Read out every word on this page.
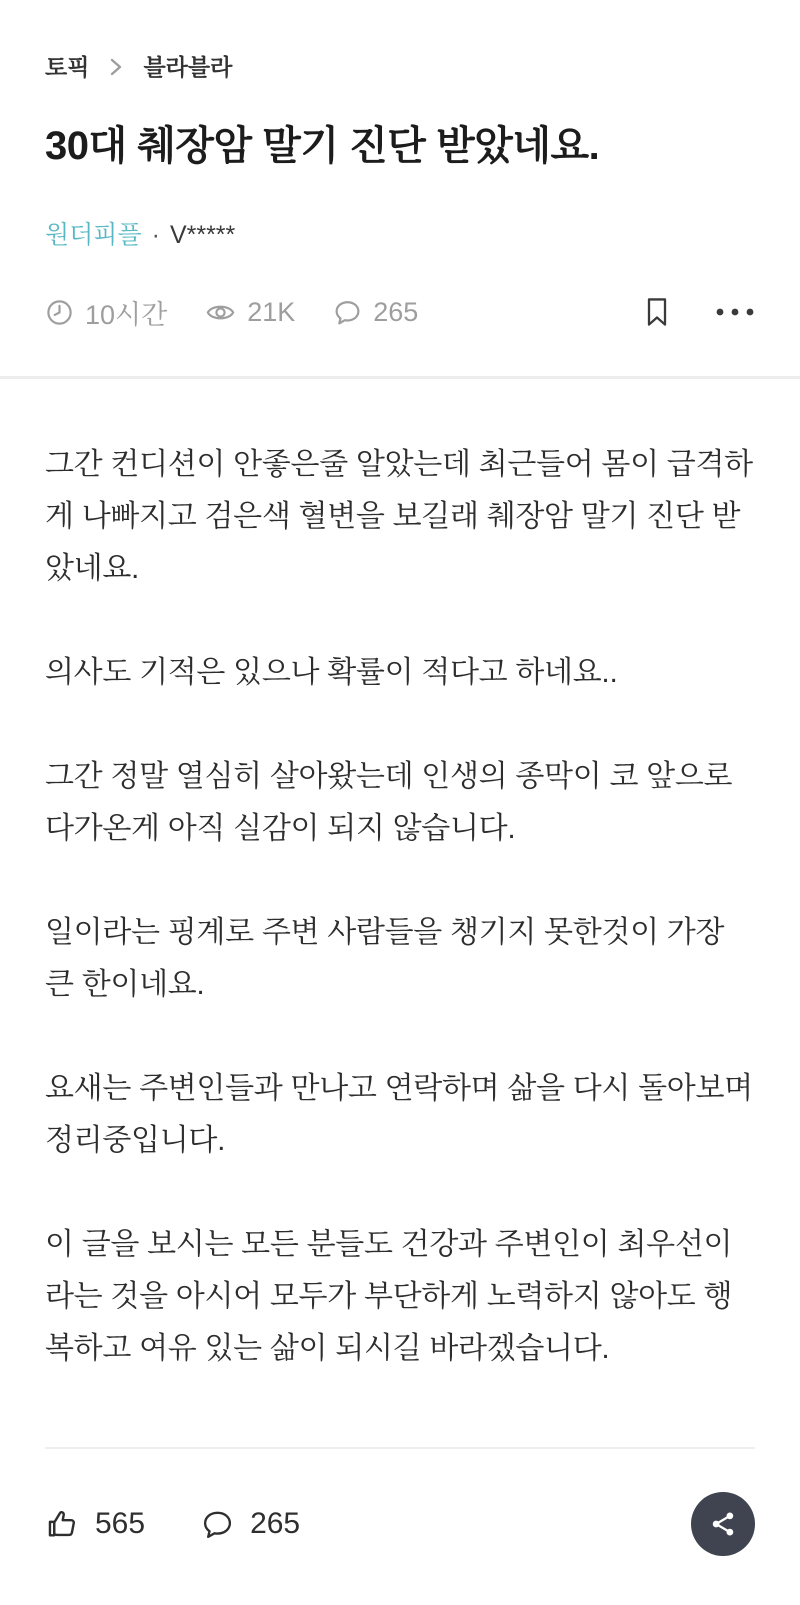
토픽 블라블라
30대 췌장암 말기 진단 받았네요.
원더피플 · V*****
10시간	21K	265

그간 컨디션이 안좋은줄 알았는데 최근들어 몸이 급격하게 나빠지고 검은색 혈변을 보길래 췌장암 말기 진단 받았네요.

의사도 기적은 있으나 확률이 적다고 하네요..

그간 정말 열심히 살아왔는데 인생의 종막이 코 앞으로 다가온게 아직 실감이 되지 않습니다.

일이라는 핑계로 주변 사람들을 챙기지 못한것이 가장 큰 한이네요.

요새는 주변인들과 만나고 연락하며 삶을 다시 돌아보며 정리중입니다.

이 글을 보시는 모든 분들도 건강과 주변인이 최우선이라는 것을 아시어 모두가 부단하게 노력하지 않아도 행복하고 여유 있는 삶이 되시길 바라겠습니다.

565	265
